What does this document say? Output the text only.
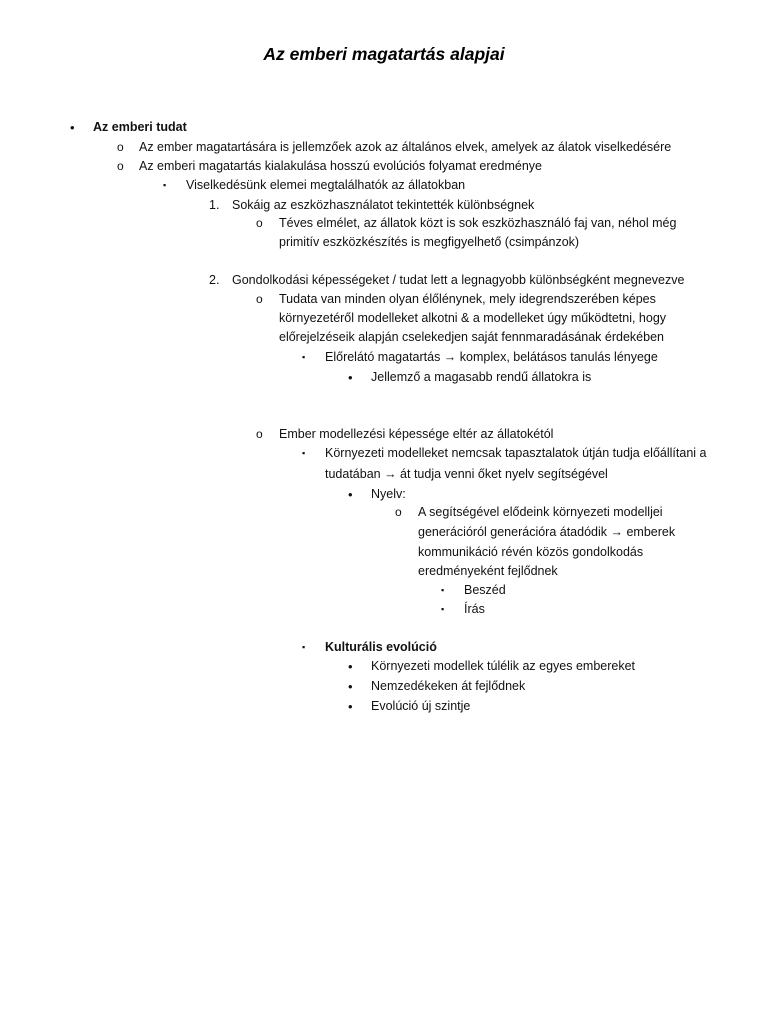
Az emberi magatartás alapjai
• Az emberi tudat
o Az ember magatartására is jellemzőek azok az általános elvek, amelyek az álatok viselkedésére
o Az emberi magatartás kialakulása hosszú evolúciós folyamat eredménye
▪ Viselkedésünk elemei megtalálhatók az állatokban
1. Sokáig az eszközhasználatot tekintették különbségnek
o Téves elmélet, az állatok közt is sok eszközhasználó faj van, néhol még
primitív eszközkészítés is megfigyelhető (csimpánzok)
2. Gondolkodási képességeket / tudat lett a legnagyobb különbségként megnevezve
o Tudata van minden olyan élőlénynek, mely idegrendszerében képes
környezetéről modelleket alkotni & a modelleket úgy működtetni, hogy
előrejelzéseik alapján cselekedjen saját fennmaradásának érdekében
▪ Előrelátó magatartás → komplex, belátásos tanulás lényege
• Jellemző a magasabb rendű állatokra is
o Ember modellezési képessége eltér az állatokétól
▪ Környezeti modelleket nemcsak tapasztalatok útján tudja előállítani a
tudatában → át tudja venni őket nyelv segítségével
• Nyelv:
o A segítségével elődeink környezeti modelljei
generációról generációra átadódik → emberek
kommunikáció révén közös gondolkodás
eredményeként fejlődnek
▪ Beszéd
▪ Írás
▪ Kulturális evolúció
• Környezeti modellek túlélik az egyes embereket
• Nemzedékeken át fejlődnek
• Evolúció új szintje
